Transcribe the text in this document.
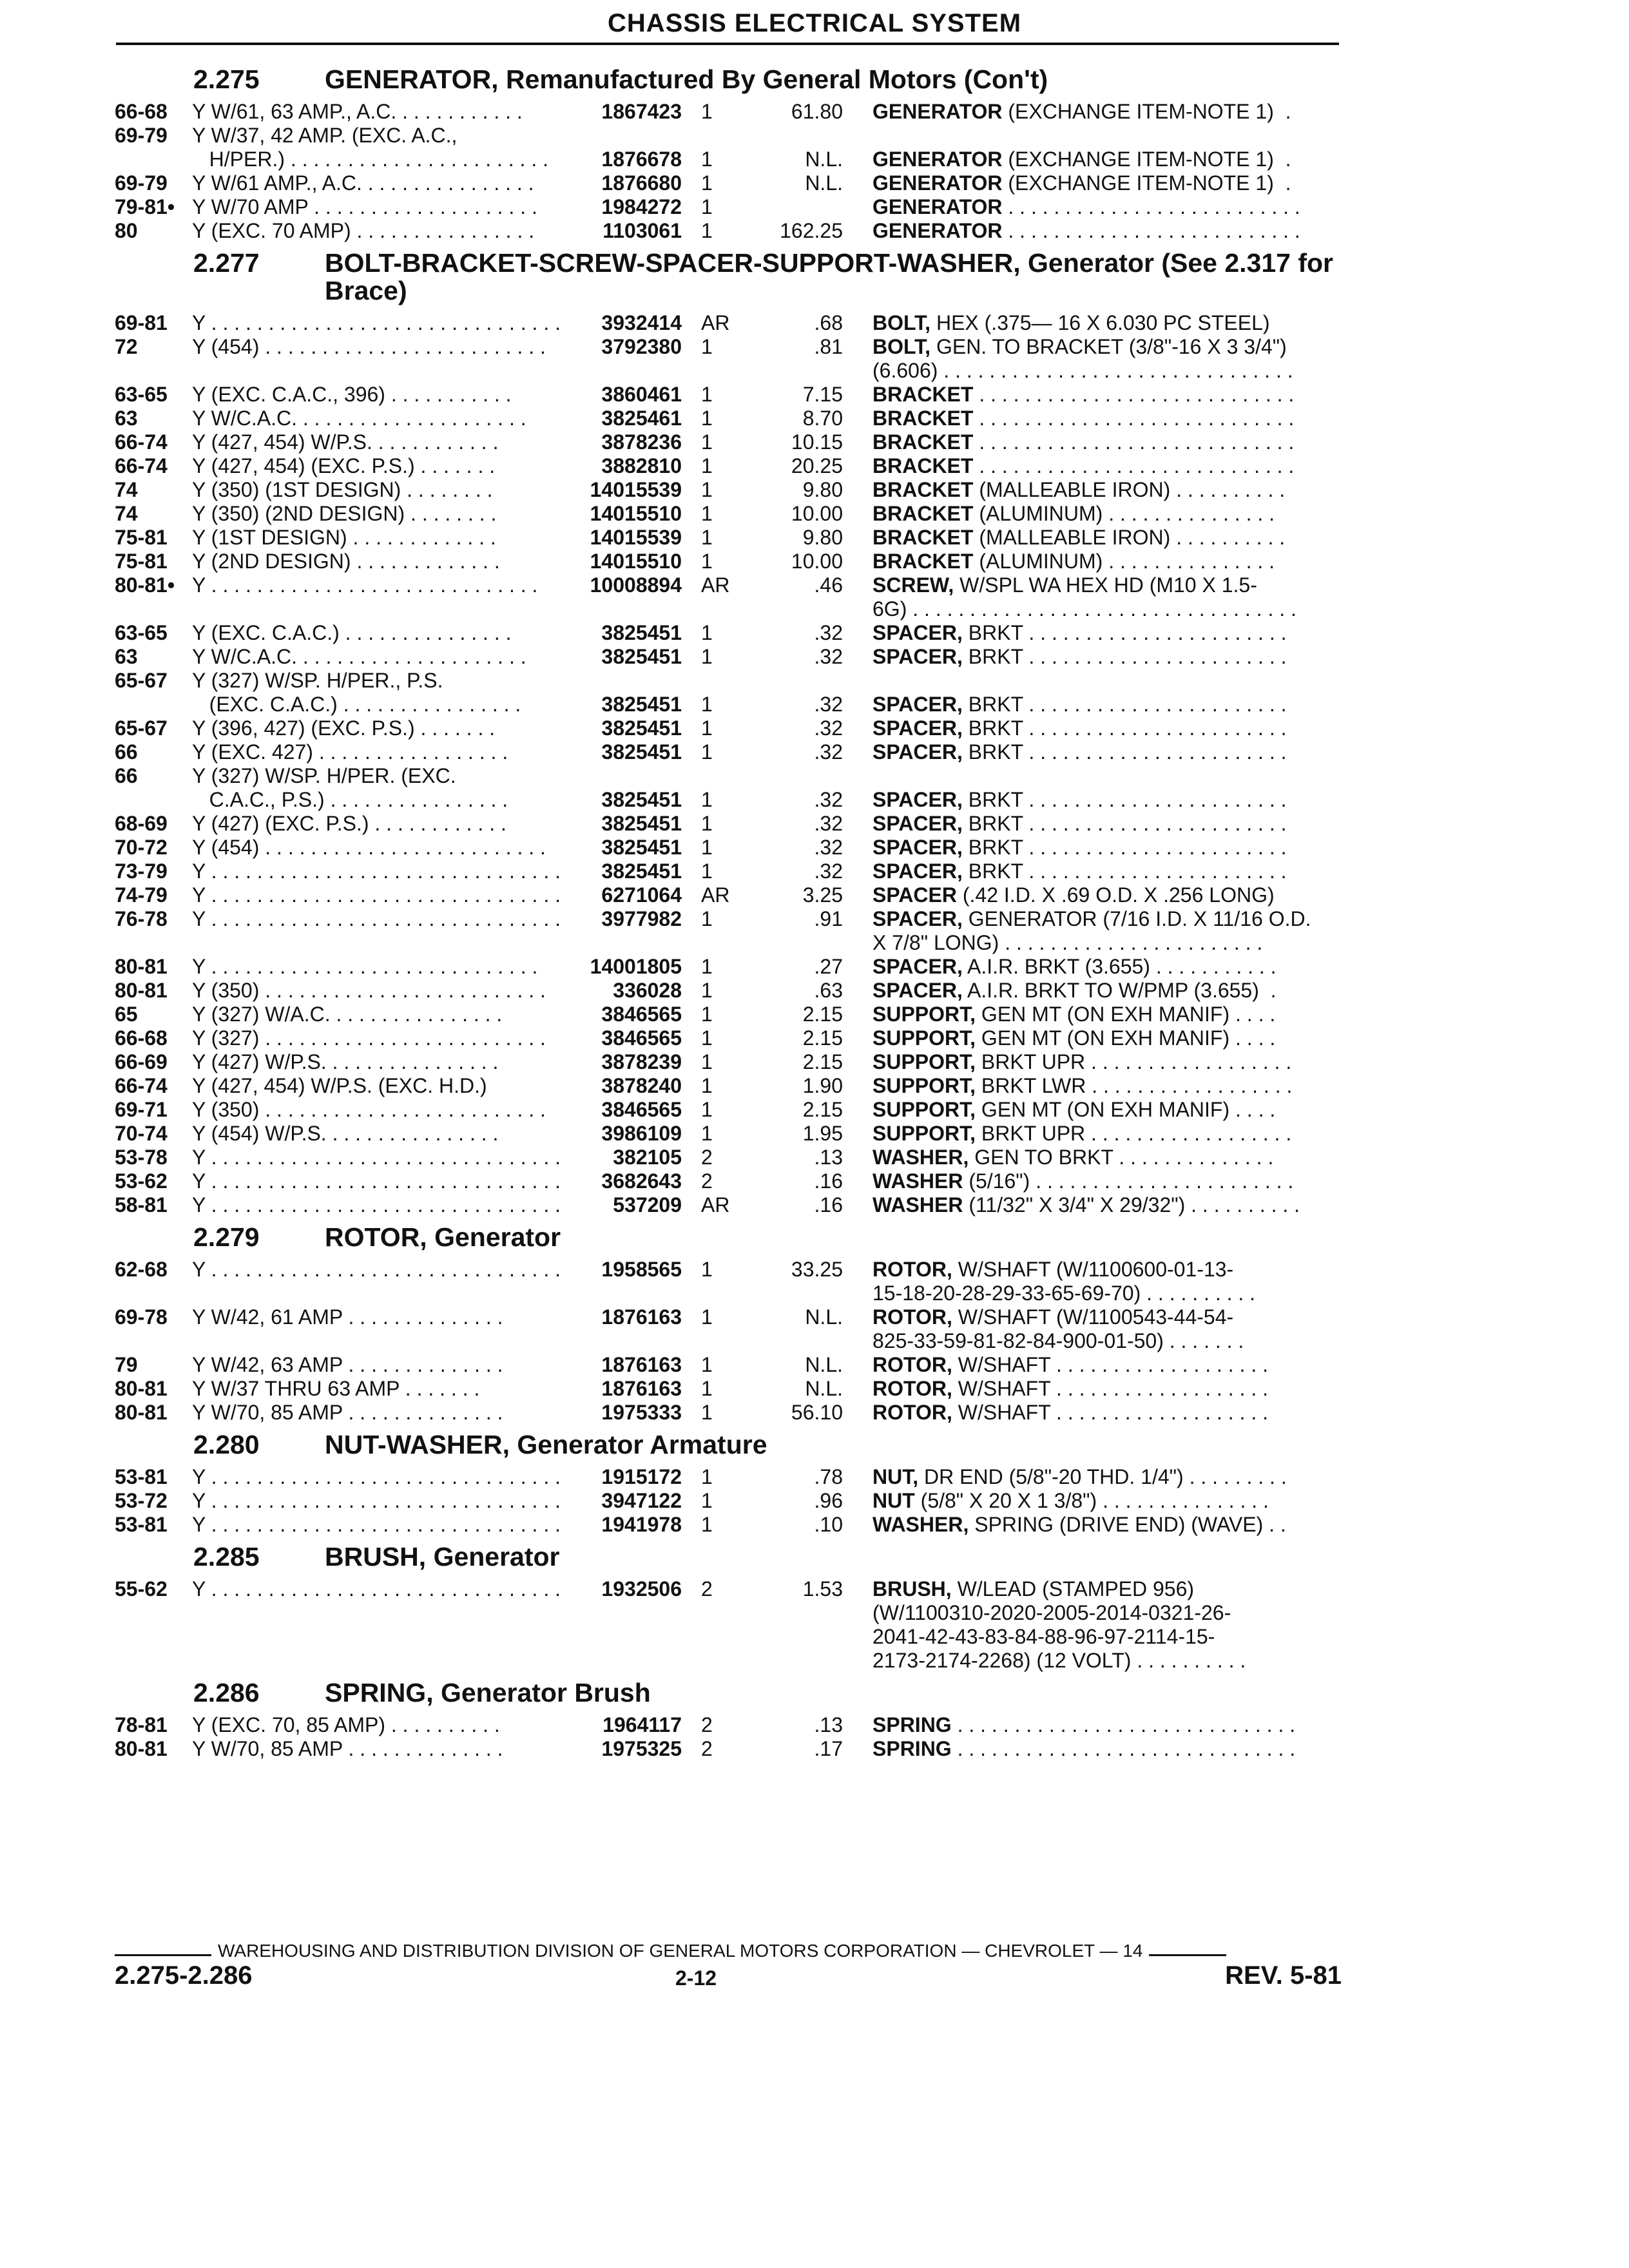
CHASSIS ELECTRICAL SYSTEM
2.275	GENERATOR, Remanufactured By General Motors (Con't)
66-68	Y W/61, 63 AMP., A.C. . . . . . . . . . . .	1867423 1	61.80 GENERATOR (EXCHANGE ITEM-NOTE 1)  .
69-79	Y W/37, 42 AMP. (EXC. A.C.,
H/PER.) . . . . . . . . . . . . . . . . . . . . . . .	1876678 1	N.L. GENERATOR (EXCHANGE ITEM-NOTE 1)  .
69-79	Y W/61 AMP., A.C. . . . . . . . . . . . . . . .	1876680 1	N.L. GENERATOR (EXCHANGE ITEM-NOTE 1)  .
79-81• Y W/70 AMP . . . . . . . . . . . . . . . . . . . .	1984272 1	GENERATOR . . . . . . . . . . . . . . . . . . . . . . . . . .
80	Y (EXC. 70 AMP) . . . . . . . . . . . . . . . .	1103061 1	162.25 GENERATOR . . . . . . . . . . . . . . . . . . . . . . . . . .
2.277	BOLT-BRACKET-SCREW-SPACER-SUPPORT-WASHER, Generator (See 2.317 for Brace)
69-81	Y . . . . . . . . . . . . . . . . . . . . . . . . . . . . . . .	3932414 AR	.68 BOLT, HEX (.375— 16 X 6.030 PC STEEL)
72	Y (454) . . . . . . . . . . . . . . . . . . . . . . . . .	3792380 1	.81 BOLT, GEN. TO BRACKET (3/8"-16 X 3 3/4")
(6.606) . . . . . . . . . . . . . . . . . . . . . . . . . . . . . . .
63-65	Y (EXC. C.A.C., 396) . . . . . . . . . . .	3860461 1	7.15 BRACKET . . . . . . . . . . . . . . . . . . . . . . . . . . . .
63	Y W/C.A.C. . . . . . . . . . . . . . . . . . . . .	3825461 1	8.70 BRACKET . . . . . . . . . . . . . . . . . . . . . . . . . . . .
66-74	Y (427, 454) W/P.S. . . . . . . . . . . .	3878236 1	10.15 BRACKET . . . . . . . . . . . . . . . . . . . . . . . . . . . .
66-74	Y (427, 454) (EXC. P.S.) . . . . . . .	3882810 1	20.25 BRACKET . . . . . . . . . . . . . . . . . . . . . . . . . . . .
74	Y (350) (1ST DESIGN) . . . . . . . .	14015539 1	9.80 BRACKET (MALLEABLE IRON) . . . . . . . . . .
74	Y (350) (2ND DESIGN) . . . . . . . .	14015510 1	10.00 BRACKET (ALUMINUM) . . . . . . . . . . . . . . .
75-81	Y (1ST DESIGN) . . . . . . . . . . . . .	14015539 1	9.80 BRACKET (MALLEABLE IRON) . . . . . . . . . .
75-81	Y (2ND DESIGN) . . . . . . . . . . . . .	14015510 1	10.00 BRACKET (ALUMINUM) . . . . . . . . . . . . . . .
80-81• Y . . . . . . . . . . . . . . . . . . . . . . . . . . . . .	10008894 AR	.46 SCREW, W/SPL WA HEX HD (M10 X 1.5-
6G) . . . . . . . . . . . . . . . . . . . . . . . . . . . . . . . . . .
63-65	Y (EXC. C.A.C.) . . . . . . . . . . . . . . .	3825451 1	.32 SPACER, BRKT . . . . . . . . . . . . . . . . . . . . . . .
63	Y W/C.A.C. . . . . . . . . . . . . . . . . . . . .	3825451 1	.32 SPACER, BRKT . . . . . . . . . . . . . . . . . . . . . . .
65-67	Y (327) W/SP. H/PER., P.S.
(EXC. C.A.C.) . . . . . . . . . . . . . . . .	3825451 1	.32 SPACER, BRKT . . . . . . . . . . . . . . . . . . . . . . .
65-67	Y (396, 427) (EXC. P.S.) . . . . . . .	3825451 1	.32 SPACER, BRKT . . . . . . . . . . . . . . . . . . . . . . .
66	Y (EXC. 427) . . . . . . . . . . . . . . . . .	3825451 1	.32 SPACER, BRKT . . . . . . . . . . . . . . . . . . . . . . .
66	Y (327) W/SP. H/PER. (EXC.
C.A.C., P.S.) . . . . . . . . . . . . . . . .	3825451 1	.32 SPACER, BRKT . . . . . . . . . . . . . . . . . . . . . . .
68-69	Y (427) (EXC. P.S.) . . . . . . . . . . . .	3825451 1	.32 SPACER, BRKT . . . . . . . . . . . . . . . . . . . . . . .
70-72	Y (454) . . . . . . . . . . . . . . . . . . . . . . . . .	3825451 1	.32 SPACER, BRKT . . . . . . . . . . . . . . . . . . . . . . .
73-79	Y . . . . . . . . . . . . . . . . . . . . . . . . . . . . . . .	3825451 1	.32 SPACER, BRKT . . . . . . . . . . . . . . . . . . . . . . .
74-79	Y . . . . . . . . . . . . . . . . . . . . . . . . . . . . . . .	6271064 AR	3.25 SPACER (.42 I.D. X .69 O.D. X .256 LONG)
76-78	Y . . . . . . . . . . . . . . . . . . . . . . . . . . . . . . .	3977982 1	.91 SPACER, GENERATOR (7/16 I.D. X 11/16 O.D.
X 7/8" LONG) . . . . . . . . . . . . . . . . . . . . . . .
80-81	Y . . . . . . . . . . . . . . . . . . . . . . . . . . . . .	14001805 1	.27 SPACER, A.I.R. BRKT (3.655) . . . . . . . . . . .
80-81	Y (350) . . . . . . . . . . . . . . . . . . . . . . . . .	336028 1	.63 SPACER, A.I.R. BRKT TO W/PMP (3.655)  .
65	Y (327) W/A.C. . . . . . . . . . . . . . . .	3846565 1	2.15 SUPPORT, GEN MT (ON EXH MANIF) . . . .
66-68	Y (327) . . . . . . . . . . . . . . . . . . . . . . . . .	3846565 1	2.15 SUPPORT, GEN MT (ON EXH MANIF) . . . .
66-69	Y (427) W/P.S. . . . . . . . . . . . . . . .	3878239 1	2.15 SUPPORT, BRKT UPR . . . . . . . . . . . . . . . . . .
66-74	Y (427, 454) W/P.S. (EXC. H.D.)	3878240 1	1.90 SUPPORT, BRKT LWR . . . . . . . . . . . . . . . . . .
69-71	Y (350) . . . . . . . . . . . . . . . . . . . . . . . . .	3846565 1	2.15 SUPPORT, GEN MT (ON EXH MANIF) . . . .
70-74	Y (454) W/P.S. . . . . . . . . . . . . . . .	3986109 1	1.95 SUPPORT, BRKT UPR . . . . . . . . . . . . . . . . . .
53-78	Y . . . . . . . . . . . . . . . . . . . . . . . . . . . . . . .	382105 2	.13 WASHER, GEN TO BRKT . . . . . . . . . . . . . .
53-62	Y . . . . . . . . . . . . . . . . . . . . . . . . . . . . . . .	3682643 2	.16 WASHER (5/16") . . . . . . . . . . . . . . . . . . . . . . .
58-81	Y . . . . . . . . . . . . . . . . . . . . . . . . . . . . . . .	537209 AR	.16 WASHER (11/32" X 3/4" X 29/32") . . . . . . . . . .
2.279	ROTOR, Generator
62-68	Y . . . . . . . . . . . . . . . . . . . . . . . . . . . . . . .	1958565 1	33.25 ROTOR, W/SHAFT (W/1100600-01-13-
15-18-20-28-29-33-65-69-70) . . . . . . . . . .
69-78	Y W/42, 61 AMP . . . . . . . . . . . . . .	1876163 1	N.L. ROTOR, W/SHAFT (W/1100543-44-54-
825-33-59-81-82-84-900-01-50) . . . . . . .
79	Y W/42, 63 AMP . . . . . . . . . . . . . .	1876163 1	N.L. ROTOR, W/SHAFT . . . . . . . . . . . . . . . . . . .
80-81	Y W/37 THRU 63 AMP . . . . . . .	1876163 1	N.L. ROTOR, W/SHAFT . . . . . . . . . . . . . . . . . . .
80-81	Y W/70, 85 AMP . . . . . . . . . . . . . .	1975333 1	56.10 ROTOR, W/SHAFT . . . . . . . . . . . . . . . . . . .
2.280	NUT-WASHER, Generator Armature
53-81	Y . . . . . . . . . . . . . . . . . . . . . . . . . . . . . . .	1915172 1	.78 NUT, DR END (5/8"-20 THD. 1/4") . . . . . . . . .
53-72	Y . . . . . . . . . . . . . . . . . . . . . . . . . . . . . . .	3947122 1	.96 NUT (5/8" X 20 X 1 3/8") . . . . . . . . . . . . . . .
53-81	Y . . . . . . . . . . . . . . . . . . . . . . . . . . . . . . .	1941978 1	.10 WASHER, SPRING (DRIVE END) (WAVE) . .
2.285	BRUSH, Generator
55-62	Y . . . . . . . . . . . . . . . . . . . . . . . . . . . . . . .	1932506 2	1.53 BRUSH, W/LEAD (STAMPED 956)
(W/1100310-2020-2005-2014-0321-26-
2041-42-43-83-84-88-96-97-2114-15-
2173-2174-2268) (12 VOLT) . . . . . . . . . .
2.286	SPRING, Generator Brush
78-81	Y (EXC. 70, 85 AMP) . . . . . . . . . .	1964117 2	.13 SPRING . . . . . . . . . . . . . . . . . . . . . . . . . . . . . .
80-81	Y W/70, 85 AMP . . . . . . . . . . . . . .	1975325 2	.17 SPRING . . . . . . . . . . . . . . . . . . . . . . . . . . . . . .
WAREHOUSING AND DISTRIBUTION DIVISION OF GENERAL MOTORS CORPORATION — CHEVROLET — 14
2.275-2.286	2-12	REV. 5-81
